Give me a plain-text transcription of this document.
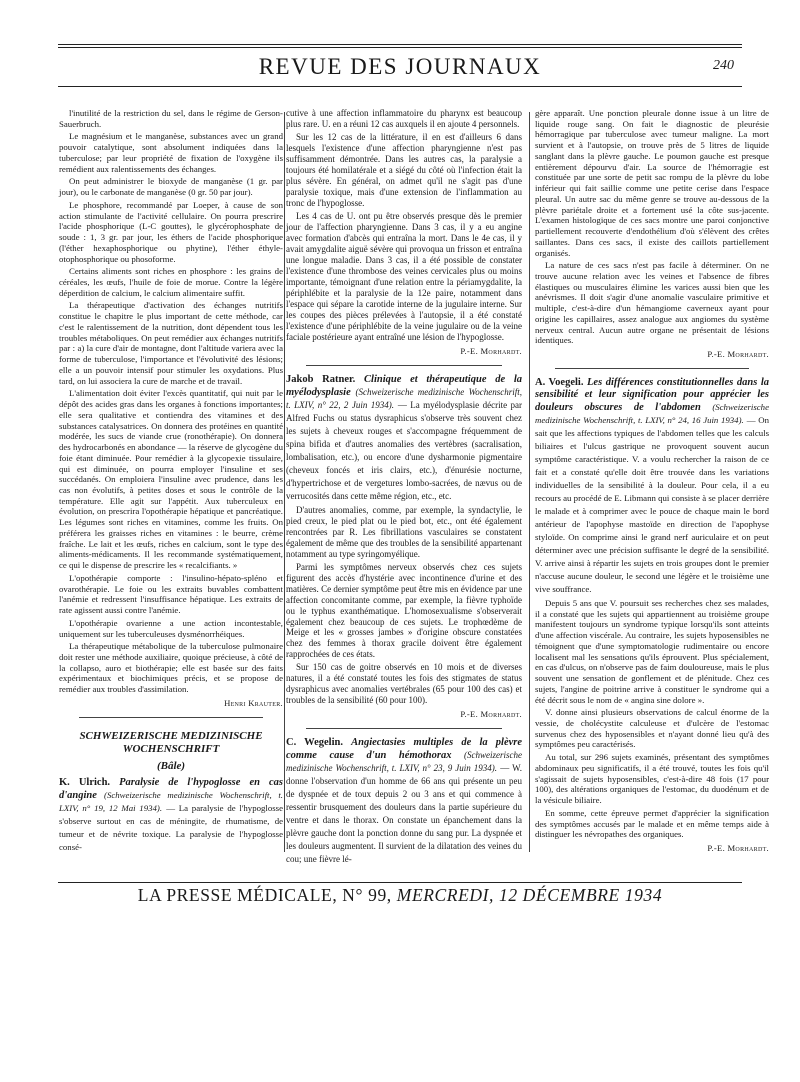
REVUE DES JOURNAUX	240

l'inutilité de la restriction du sel, dans le régime de Gerson-Sauerbruch.

Le magnésium et le manganèse, substances avec un grand pouvoir catalytique, sont absolument indiquées dans la tuberculose; par leur propriété de fixation de l'oxygène ils remédient aux ralentissements des échanges.

On peut administrer le bioxyde de manganèse (1 gr. par jour), ou le carbonate de manganèse (0 gr. 50 par jour).

Le phosphore, recommandé par Loeper, à cause de son action stimulante de l'activité cellulaire. On pourra prescrire l'acide phosphorique (L-C gouttes), le glycérophosphate de soude : 1, 3 gr. par jour, les éthers de l'acide phosphorique (l'éther hexaphosphorique ou phytine), l'éther éthyle-otophosphorique ou phosoforme.

Certains aliments sont riches en phosphore : les grains de céréales, les œufs, l'huile de foie de morue. Contre la légère déperdition de calcium, le calcium alimentaire suffit.

La thérapeutique d'activation des échanges nutritifs constitue le chapitre le plus important de cette méthode, car c'est le ralentissement de la nutrition, dont dépendent tous les troubles métaboliques. On peut remédier aux échanges nutritifs par : a) la cure d'air de montagne, dont l'altitude variera avec la forme de tuberculose, l'importance et l'évolutivité des lésions; elle a un pouvoir intensif pour stimuler les oxydations. Plus tard, on lui associera la cure de marche et de travail.

L'alimentation doit éviter l'excès quantitatif, qui nuit par le dépôt des acides gras dans les organes à fonctions importantes; elle sera qualitative et contiendra des vitamines et des substances catalysatrices. On donnera des protéines en quantité modérée, les sucs de viande crue (ronothérapie). On donnera des hydrocarbonés en abondance — la réserve de glycogène du foie étant diminuée. Pour remédier à la glycopexie tissulaire, qui est diminuée, on pourra employer l'insuline et ses succédanés. On emploiera l'insuline avec prudence, dans les cas non évolutifs, à petites doses et sous le contrôle de la température. Elle agit sur l'appétit. Aux tuberculeux en évolution, on prescrira l'opothérapie hépatique et pancréatique. Les légumes sont riches en vitamines, comme les fruits. On préférera les graisses riches en vitamines : le beurre, crème fraîche. Le lait et les œufs, riches en calcium, sont le type des aliments-médicaments. Il les recommande systématiquement, ce qui le dispense de prescrire les « recalcifiants. »

L'opothérapie comporte : l'insulino-hépato-spléno et ovarothérapie. Le foie ou les extraits buvables combattent l'anémie et redressent l'insuffisance hépatique. Les extraits de rate agissent aussi contre l'anémie.

L'opothérapie ovarienne a une action incontestable, uniquement sur les tuberculeuses dysménorrhéiques.

La thérapeutique métabolique de la tuberculose pulmonaire doit rester une méthode auxiliaire, quoique précieuse, à côté de la collapso, auro et biothérapie; elle est basée sur des faits expérimentaux et biochimiques précis, et se propose de remédier aux troubles d'assimilation.

Henri Krauter.
SCHWEIZERISCHE MEDIZINISCHE WOCHENSCHRIFT
(Bâle)

K. Ulrich. Paralysie de l'hypoglosse en cas d'angine (Schweizerische medizinische Wochenschrift, t. LXIV, n° 19, 12 Mai 1934). — La paralysie de l'hypoglosse s'observe surtout en cas de méningite, de rhumatisme, de tumeur et de névrite toxique. La paralysie de l'hypoglosse consé-

cutive à une affection inflammatoire du pharynx est beaucoup plus rare. U. en a réuni 12 cas auxquels il en ajoute 4 personnels.

Sur les 12 cas de la littérature, il en est d'ailleurs 6 dans lesquels l'existence d'une affection pharyngienne n'est pas suffisamment démontrée. Dans les autres cas, la paralysie a toujours été homilatérale et a siégé du côté où l'infection était la plus sévère. En général, on admet qu'il ne s'agit pas d'une paralysie toxique, mais d'une extension de l'inflammation au tronc de l'hypoglosse.

Les 4 cas de U. ont pu être observés presque dès le premier jour de l'affection pharyngienne. Dans 3 cas, il y a eu angine avec formation d'abcès qui entraîna la mort. Dans le 4e cas, il y avait amygdalite aiguë sévère qui provoqua un frisson et entraîna une longue maladie. Dans 3 cas, il a été possible de constater l'existence d'une thrombose des veines cervicales plus ou moins importante, témoignant d'une relation entre la périamygdalite, la périphlébite et la paralysie de la 12e paire, notamment dans l'espace qui sépare la carotide interne de la jugulaire interne. Sur les coupes des pièces prélevées à l'autopsie, il a été constaté l'existence d'une périphlébite de la veine jugulaire ou de la veine faciale postérieure ayant entraîné une lésion de l'hypoglosse.

P.-E. Morhardt.

Jakob Ratner. Clinique et thérapeutique de la myélodysplasie (Schweizerische medizinische Wochenschrift, t. LXIV, n° 22, 2 Juin 1934). — La myélodysplasie décrite par Alfred Fuchs ou status dysraphicus s'observe très souvent chez les sujets à cheveux rouges et s'accompagne fréquemment de spina bifida et d'autres anomalies des vertèbres (sacralisation, lombalisation, etc.), ou encore d'une dysharmonie pigmentaire (cheveux foncés et iris clairs, etc.), d'énurésie nocturne, d'hypertrichose et de vergetures lombo-sacrées, de nævus ou de verrucosités dans cette même région, etc., etc.

D'autres anomalies, comme, par exemple, la syndactylie, le pied creux, le pied plat ou le pied bot, etc., ont été également rencontrées par R. Les fibrillations vasculaires se constatent également de même que des troubles de la sensibilité appartenant notamment au type syringomyélique.

Parmi les symptômes nerveux observés chez ces sujets figurent des accès d'hystérie avec incontinence d'urine et des matières. Ce dernier symptôme peut être mis en évidence par une affection concomitante comme, par exemple, la fièvre typhoïde ou le typhus exanthématique. L'homosexualisme s'observerait également chez beaucoup de ces sujets. Le trophœdème de Meige et les « grosses jambes » d'origine obscure constatées chez des femmes à thorax gracile doivent être également rapprochées de ces états.

Sur 150 cas de goitre observés en 10 mois et de diverses natures, il a été constaté toutes les fois des stigmates de status dysraphicus avec anomalies vertébrales (65 pour 100 des cas) et troubles de la sensibilité (60 pour 100).

P.-E. Morhardt.

C. Wegelin. Angiectasies multiples de la plèvre comme cause d'un hémothorax (Schweizerische medizinische Wochenschrift, t. LXIV, n° 23, 9 Juin 1934). — W. donne l'observation d'un homme de 66 ans qui présente un peu de dyspnée et de toux depuis 2 ou 3 ans et qui commence à ressentir brusquement des douleurs dans la partie supérieure du ventre et dans le thorax. On constate un épanchement dans la plèvre gauche dont la ponction donne du sang pur. La dyspnée et les douleurs augmentent. Il survient de la dilatation des veines du cou; une fièvre lé-

gère apparaît. Une ponction pleurale donne issue à un litre de liquide rouge sang. On fait le diagnostic de pleurésie hémorragique par tuberculose avec tumeur maligne. La mort survient et à l'autopsie, on trouve près de 5 litres de liquide sanglant dans la plèvre gauche. Le poumon gauche est presque entièrement dépourvu d'air. La source de l'hémorragie est constituée par une sorte de petit sac rompu de la plèvre du lobe inférieur qui fait saillie comme une petite cerise dans l'espace pleural. Un autre sac du même genre se trouve au-dessous de la plèvre pariétale droite et a fortement usé la côte sus-jacente. L'examen histologique de ces sacs montre une paroi conjonctive partiellement recouverte d'endothélium d'où s'élèvent des crêtes saillantes. Dans ces sacs, il existe des caillots partiellement organisés.

La nature de ces sacs n'est pas facile à déterminer. On ne trouve aucune relation avec les veines et l'absence de fibres élastiques ou musculaires élimine les varices aussi bien que les anévrismes. Il doit s'agir d'une anomalie vasculaire primitive et multiple, c'est-à-dire d'un hémangiome caverneux ayant pour origine les capillaires, assez analogue aux angiomes du système nerveux central. Aucun autre organe ne présentait de lésions identiques.

P.-E. Morhardt.

A. Voegeli. Les différences constitutionnelles dans la sensibilité et leur signification pour apprécier les douleurs obscures de l'abdomen (Schweizerische medizinische Wochenschrift, t. LXIV, n° 24, 16 Juin 1934). — On sait que les affections typiques de l'abdomen telles que les calculs biliaires et l'ulcus gastrique ne provoquent souvent aucun symptôme caractéristique. V. a voulu rechercher la raison de ce fait et a constaté qu'elle doit être trouvée dans les variations individuelles de la sensibilité à la douleur. Pour cela, il a eu recours au procédé de E. Libmann qui consiste à se placer derrière le malade et à comprimer avec le pouce de chaque main le bord antérieur de l'apophyse mastoïde en direction de l'apophyse styloïde. On comprime ainsi le grand nerf auriculaire et on peut déterminer avec une précision suffisante le degré de la sensibilité. V. arrive ainsi à répartir les sujets en trois groupes dont le premier n'accuse aucune douleur, le second une légère et le troisième une vive souffrance.

Depuis 5 ans que V. poursuit ses recherches chez ses malades, il a constaté que les sujets qui appartiennent au troisième groupe manifestent toujours un syndrome typique lorsqu'ils sont atteints d'une affection viscérale. Au contraire, les sujets hyposensibles ne témoignent que d'une symptomatologie rudimentaire ou encore localisent mal les sensations qu'ils éprouvent. Plus spécialement, en cas d'ulcus, on n'observe pas de faim douloureuse, mais le plus souvent une sensation de gonflement et de plénitude. Chez ces sujets, l'angine de poitrine arrive à constituer le syndrome qui a été décrit sous le nom de « angina sine dolore ».

V. donne ainsi plusieurs observations de calcul énorme de la vessie, de cholécystite calculeuse et d'ulcère de l'estomac survenus chez des hyposensibles et n'ayant donné lieu qu'à des symptômes peu caractérisés.

Au total, sur 296 sujets examinés, présentant des symptômes abdominaux peu significatifs, il a été trouvé, toutes les fois qu'il s'agissait de sujets hyposensibles, c'est-à-dire 48 fois (17 pour 100), des altérations organiques de l'estomac, du duodénum et de la vésicule biliaire.

En somme, cette épreuve permet d'apprécier la signification des symptômes accusés par le malade et en même temps aide à distinguer les névropathes des organiques.

P.-E. Morhardt.
LA PRESSE MÉDICALE, N° 99, MERCREDI, 12 DÉCEMBRE 1934
